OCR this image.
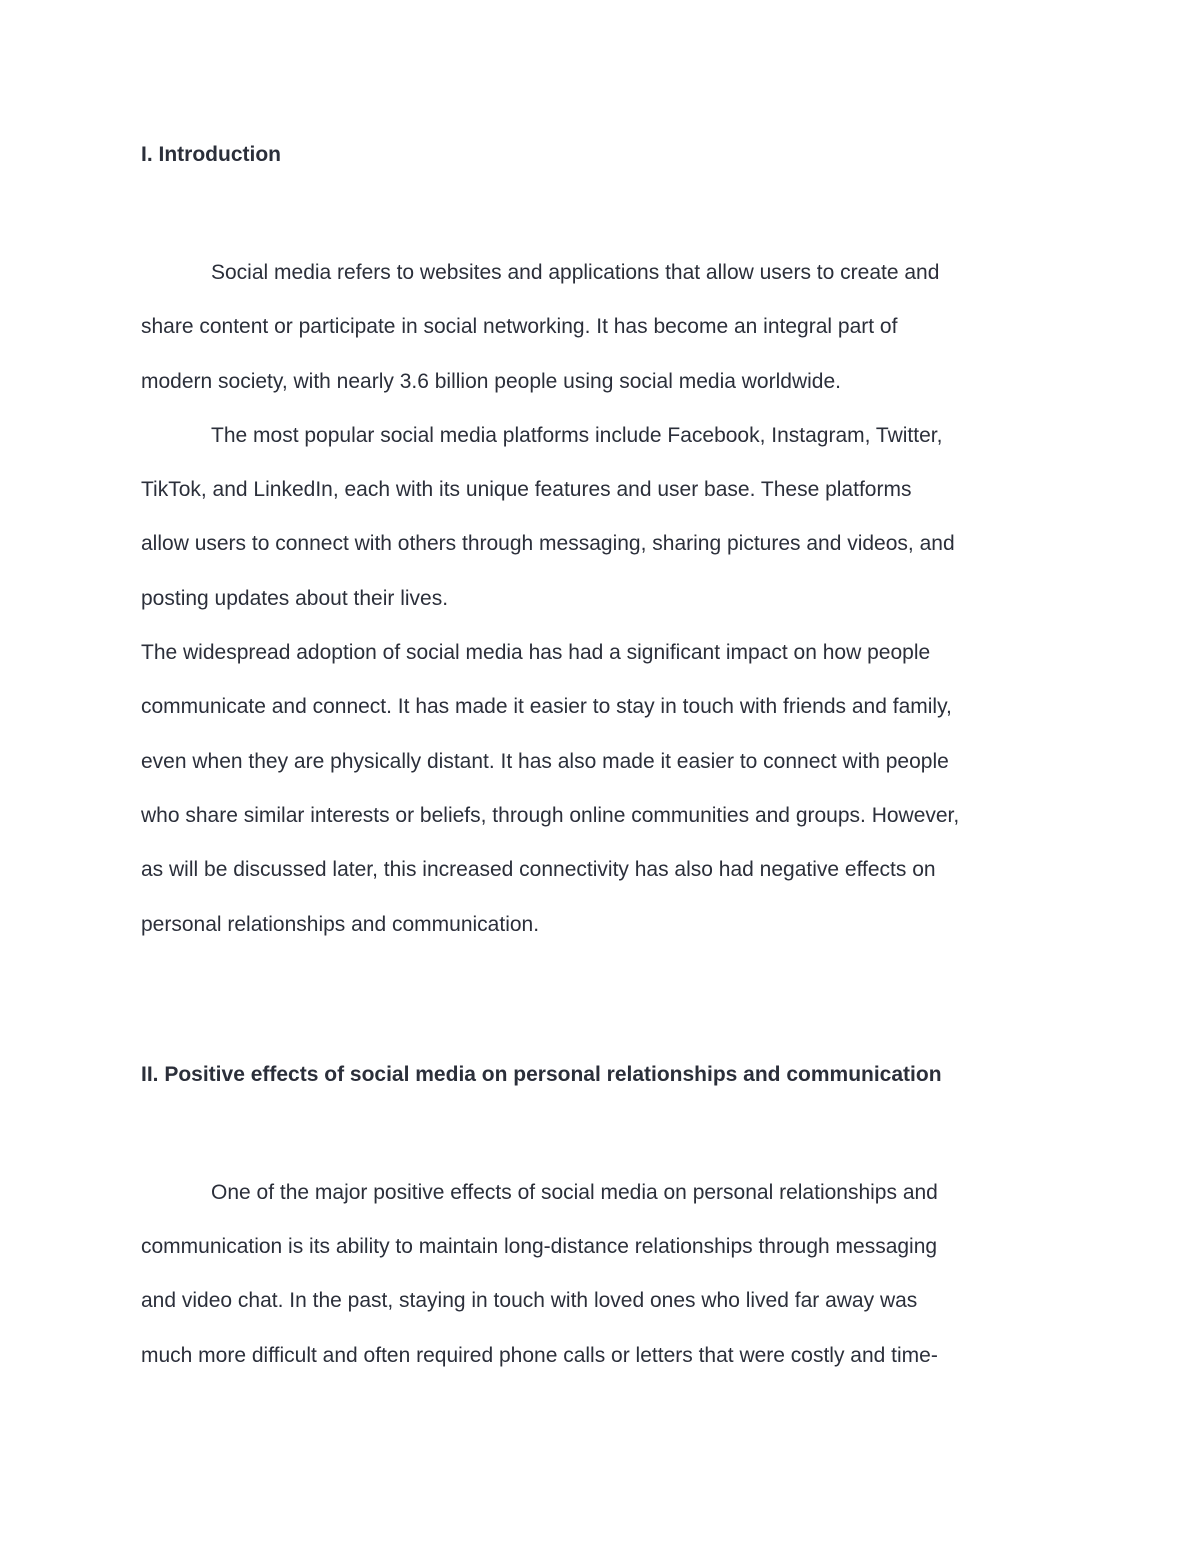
I. Introduction

Social media refers to websites and applications that allow users to create and
share content or participate in social networking. It has become an integral part of
modern society, with nearly 3.6 billion people using social media worldwide.

The most popular social media platforms include Facebook, Instagram, Twitter,
TikTok, and LinkedIn, each with its unique features and user base. These platforms
allow users to connect with others through messaging, sharing pictures and videos, and
posting updates about their lives.

The widespread adoption of social media has had a significant impact on how people
communicate and connect. It has made it easier to stay in touch with friends and family,
even when they are physically distant. It has also made it easier to connect with people
who share similar interests or beliefs, through online communities and groups. However,
as will be discussed later, this increased connectivity has also had negative effects on
personal relationships and communication.

II. Positive effects of social media on personal relationships and communication

One of the major positive effects of social media on personal relationships and
communication is its ability to maintain long-distance relationships through messaging
and video chat. In the past, staying in touch with loved ones who lived far away was
much more difficult and often required phone calls or letters that were costly and time-
